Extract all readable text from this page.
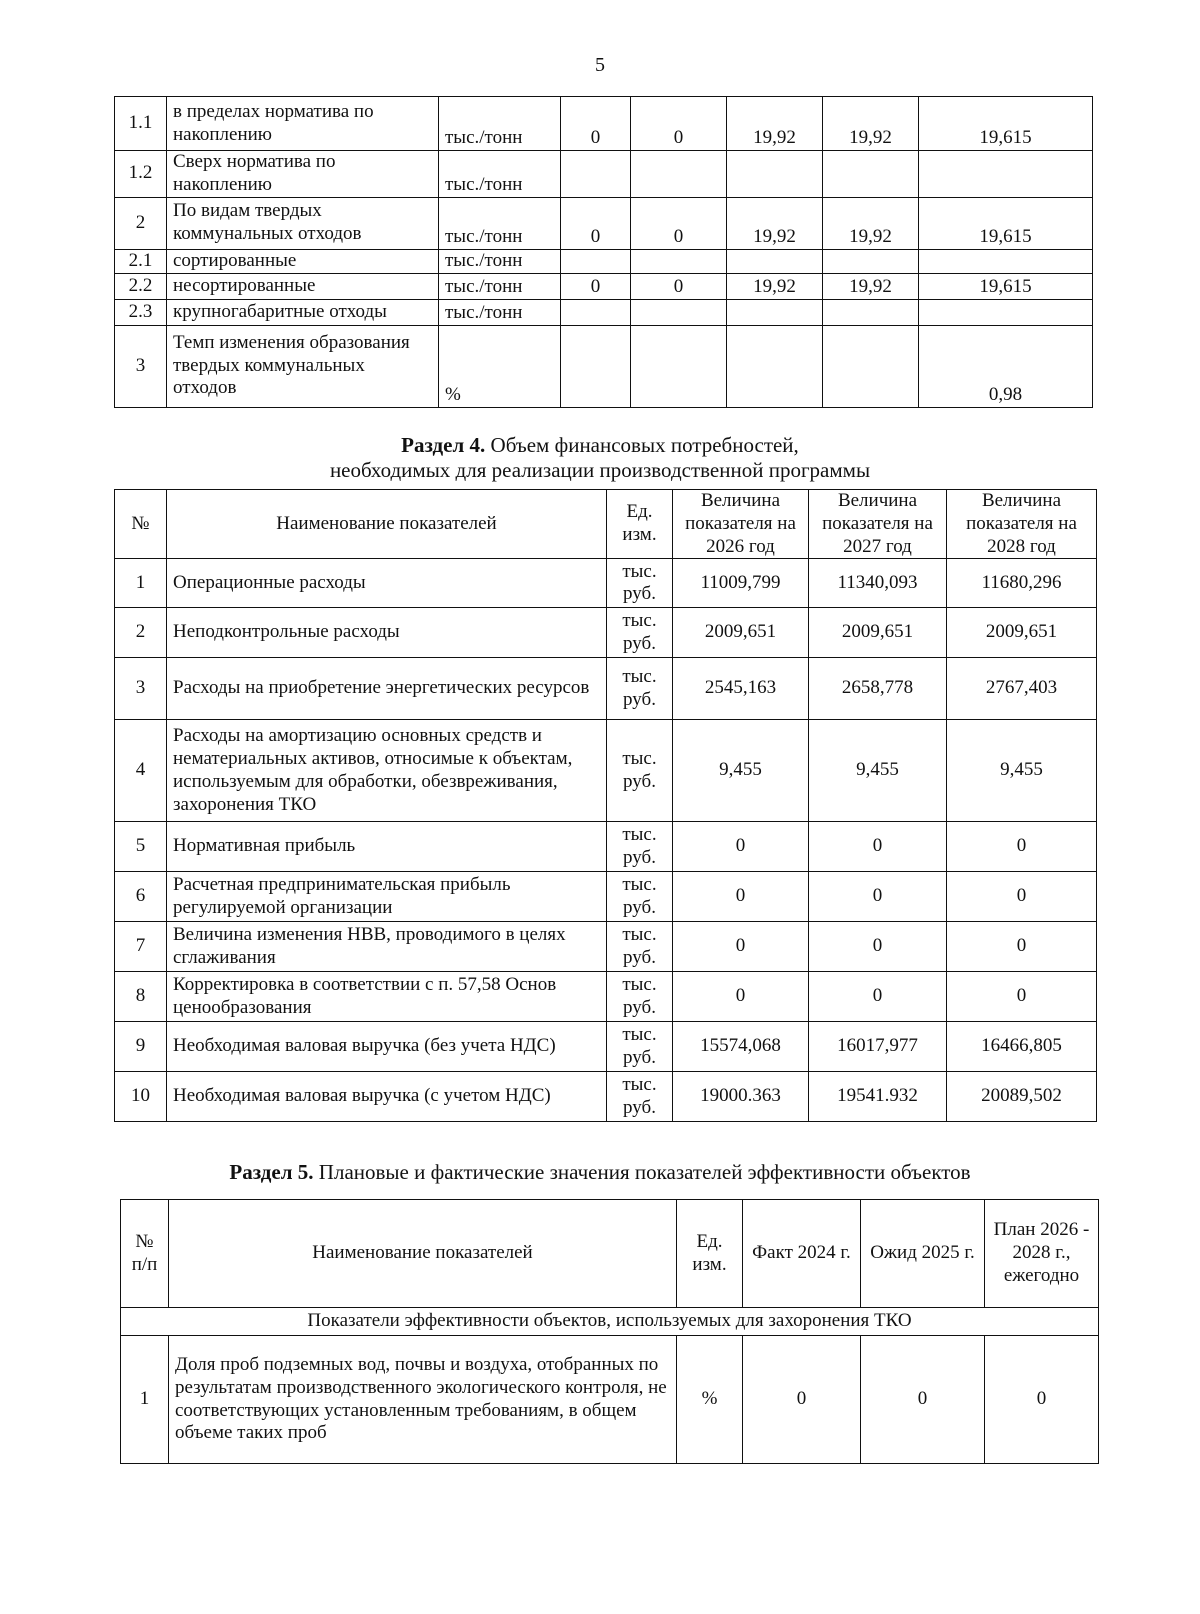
5
1.1	в пределах норматива по накоплению	тыс./тонн	0	0	19,92	19,92	19,615
1.2	Сверх норматива по накоплению	тыс./тонн					
2	По видам твердых коммунальных отходов	тыс./тонн	0	0	19,92	19,92	19,615
2.1	сортированные	тыс./тонн					
2.2	несортированные	тыс./тонн	0	0	19,92	19,92	19,615
2.3	крупногабаритные отходы	тыс./тонн					
3	Темп изменения образования твердых коммунальных отходов	%					0,98
Раздел 4. Объем финансовых потребностей,
необходимых для реализации производственной программы
№	Наименование показателей	Ед. изм.	Величина показателя на 2026 год	Величина показателя на 2027 год	Величина показателя на 2028 год
1	Операционные расходы	тыс. руб.	11009,799	11340,093	11680,296
2	Неподконтрольные расходы	тыс. руб.	2009,651	2009,651	2009,651
3	Расходы на приобретение энергетических ресурсов	тыс. руб.	2545,163	2658,778	2767,403
4	Расходы на амортизацию основных средств и нематериальных активов, относимые к объектам, используемым для обработки, обезвреживания, захоронения ТКО	тыс. руб.	9,455	9,455	9,455
5	Нормативная прибыль	тыс. руб.	0	0	0
6	Расчетная предпринимательская прибыль регулируемой организации	тыс. руб.	0	0	0
7	Величина изменения НВВ, проводимого в целях сглаживания	тыс. руб.	0	0	0
8	Корректировка в соответствии с п. 57,58 Основ ценообразования	тыс. руб.	0	0	0
9	Необходимая валовая выручка (без учета НДС)	тыс. руб.	15574,068	16017,977	16466,805
10	Необходимая валовая выручка (с учетом НДС)	тыс. руб.	19000.363	19541.932	20089,502
Раздел 5. Плановые и фактические значения показателей эффективности объектов
№ п/п	Наименование показателей	Ед. изм.	Факт 2024 г.	Ожид 2025 г.	План 2026 - 2028 г., ежегодно
Показатели эффективности объектов, используемых для захоронения ТКО					
1	Доля проб подземных вод, почвы и воздуха, отобранных по результатам производственного экологического контроля, не соответствующих установленным требованиям, в общем объеме таких проб	%	0	0	0
